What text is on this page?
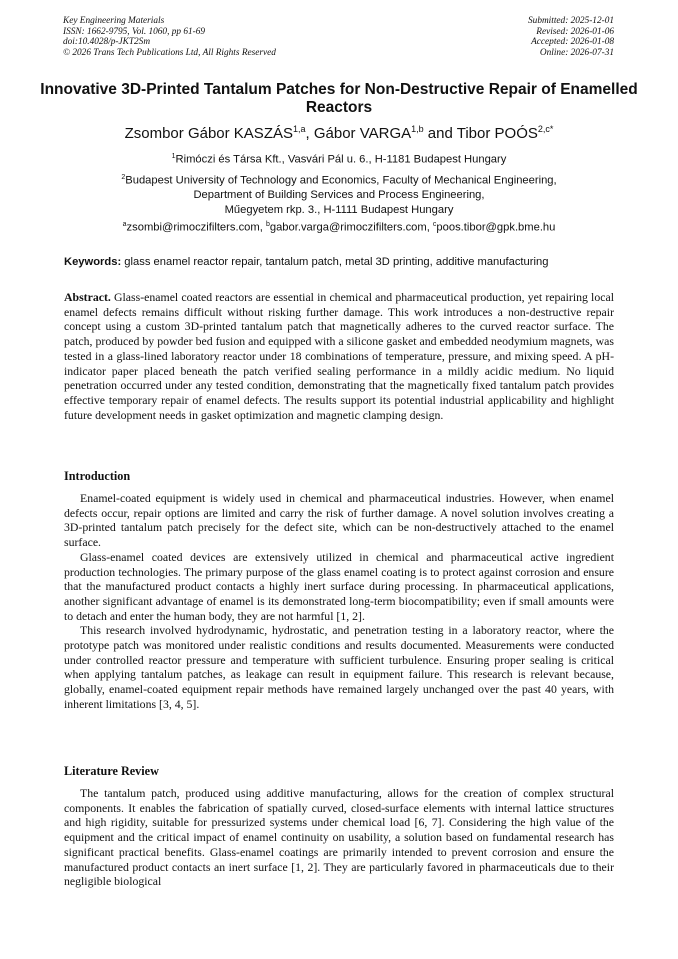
Key Engineering Materials
ISSN: 1662-9795, Vol. 1060, pp 61-69
doi:10.4028/p-JKT2Sm
© 2026 Trans Tech Publications Ltd, All Rights Reserved
Submitted: 2025-12-01
Revised: 2026-01-06
Accepted: 2026-01-08
Online: 2026-07-31
Innovative 3D-Printed Tantalum Patches for Non-Destructive Repair of Enamelled Reactors
Zsombor Gábor KASZÁS$^{1,a}$, Gábor VARGA$^{1,b}$ and Tibor $POÓS^{2,c*}$
$^1$Rimóczi és Társa Kft., Vasvári Pál u. 6., H-1181 Budapest Hungary
$^2$Budapest University of Technology and Economics, Faculty of Mechanical Engineering,
Department of Building Services and Process Engineering,
Műegyetem rkp. 3., H-1111 Budapest Hungary
$^a$zsombi@rimoczifilters.com, $^b$gabor.varga@rimoczifilters.com, $^c$poos.tibor@gpk.bme.hu
Keywords: glass enamel reactor repair, tantalum patch, metal 3D printing, additive manufacturing
Abstract. Glass-enamel coated reactors are essential in chemical and pharmaceutical production, yet repairing local enamel defects remains difficult without risking further damage. This work introduces a non-destructive repair concept using a custom 3D-printed tantalum patch that magnetically adheres to the curved reactor surface. The patch, produced by powder bed fusion and equipped with a silicone gasket and embedded neodymium magnets, was tested in a glass-lined laboratory reactor under 18 combinations of temperature, pressure, and mixing speed. A pH-indicator paper placed beneath the patch verified sealing performance in a mildly acidic medium. No liquid penetration occurred under any tested condition, demonstrating that the magnetically fixed tantalum patch provides effective temporary repair of enamel defects. The results support its potential industrial applicability and highlight future development needs in gasket optimization and magnetic clamping design.
Introduction

Enamel-coated equipment is widely used in chemical and pharmaceutical industries. However, when enamel defects occur, repair options are limited and carry the risk of further damage. A novel solution involves creating a 3D-printed tantalum patch precisely for the defect site, which can be non-destructively attached to the enamel surface.

Glass-enamel coated devices are extensively utilized in chemical and pharmaceutical active ingredient production technologies. The primary purpose of the glass enamel coating is to protect against corrosion and ensure that the manufactured product contacts a highly inert surface during processing. In pharmaceutical applications, another significant advantage of enamel is its demonstrated long-term biocompatibility; even if small amounts were to detach and enter the human body, they are not harmful [1, 2].

This research involved hydrodynamic, hydrostatic, and penetration testing in a laboratory reactor, where the prototype patch was monitored under realistic conditions and results documented. Measurements were conducted under controlled reactor pressure and temperature with sufficient turbulence. Ensuring proper sealing is critical when applying tantalum patches, as leakage can result in equipment failure. This research is relevant because, globally, enamel-coated equipment repair methods have remained largely unchanged over the past 40 years, with inherent limitations [3, 4, 5].

Literature Review

The tantalum patch, produced using additive manufacturing, allows for the creation of complex structural components. It enables the fabrication of spatially curved, closed-surface elements with internal lattice structures and high rigidity, suitable for pressurized systems under chemical load [6, 7]. Considering the high value of the equipment and the critical impact of enamel continuity on usability, a solution based on fundamental research has significant practical benefits. Glass-enamel coatings are primarily intended to prevent corrosion and ensure the manufactured product contacts an inert surface [1, 2]. They are particularly favored in pharmaceuticals due to their negligible biological
